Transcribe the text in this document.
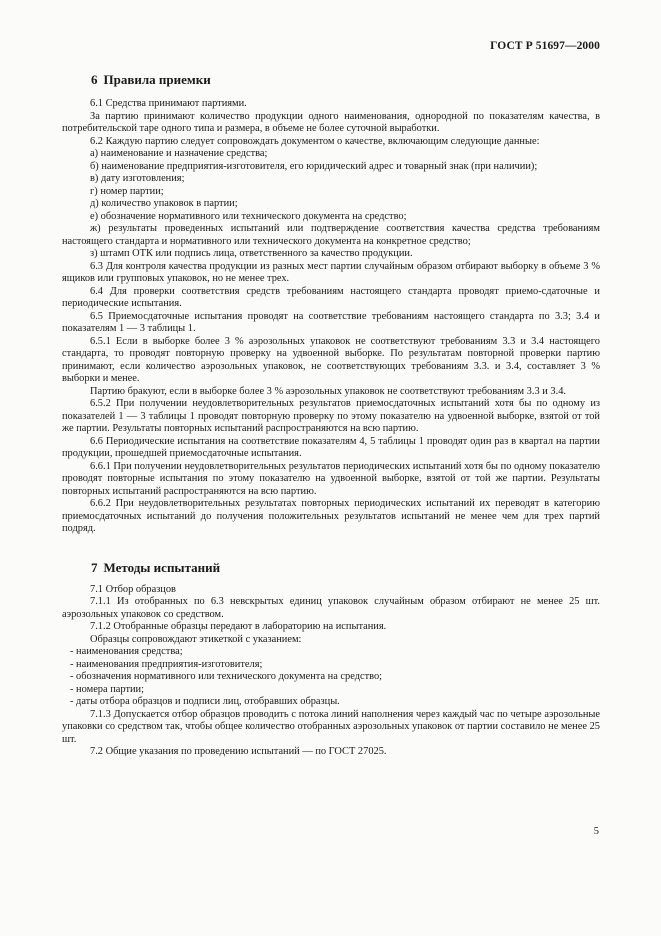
ГОСТ Р 51697—2000
6 Правила приемки

6.1 Средства принимают партиями.

За партию принимают количество продукции одного наименования, однородной по показателям качества, в потребительской таре одного типа и размера, в объеме не более суточной выработки.

6.2 Каждую партию следует сопровождать документом о качестве, включающим следующие данные:

а) наименование и назначение средства;

б) наименование предприятия-изготовителя, его юридический адрес и товарный знак (при наличии);

в) дату изготовления;

г) номер партии;

д) количество упаковок в партии;

е) обозначение нормативного или технического документа на средство;

ж) результаты проведенных испытаний или подтверждение соответствия качества средства требованиям настоящего стандарта и нормативного или технического документа на конкретное средство;

з) штамп ОТК или подпись лица, ответственного за качество продукции.

6.3 Для контроля качества продукции из разных мест партии случайным образом отбирают выборку в объеме 3 % ящиков или групповых упаковок, но не менее трех.

6.4 Для проверки соответствия средств требованиям настоящего стандарта проводят приемо-сдаточные и периодические испытания.

6.5 Приемосдаточные испытания проводят на соответствие требованиям настоящего стандарта по 3.3; 3.4 и показателям 1 — 3 таблицы 1.

6.5.1 Если в выборке более 3 % аэрозольных упаковок не соответствуют требованиям 3.3 и 3.4 настоящего стандарта, то проводят повторную проверку на удвоенной выборке. По результатам повторной проверки партию принимают, если количество аэрозольных упаковок, не соответствующих требованиям 3.3. и 3.4, составляет 3 % выборки и менее.

Партию бракуют, если в выборке более 3 % аэрозольных упаковок не соответствуют требованиям 3.3 и 3.4.

6.5.2 При получении неудовлетворительных результатов приемосдаточных испытаний хотя бы по одному из показателей 1 — 3 таблицы 1 проводят повторную проверку по этому показателю на удвоенной выборке, взятой от той же партии. Результаты повторных испытаний распространяются на всю партию.

6.6 Периодические испытания на соответствие показателям 4, 5 таблицы 1 проводят один раз в квартал на партии продукции, прошедшей приемосдаточные испытания.

6.6.1 При получении неудовлетворительных результатов периодических испытаний хотя бы по одному показателю проводят повторные испытания по этому показателю на удвоенной выборке, взятой от той же партии. Результаты повторных испытаний распространяются на всю партию.

6.6.2 При неудовлетворительных результатах повторных периодических испытаний их переводят в категорию приемосдаточных испытаний до получения положительных результатов испытаний не менее чем для трех партий подряд.

7 Методы испытаний

7.1 Отбор образцов

7.1.1 Из отобранных по 6.3 невскрытых единиц упаковок случайным образом отбирают не менее 25 шт. аэрозольных упаковок со средством.

7.1.2 Отобранные образцы передают в лабораторию на испытания.

Образцы сопровождают этикеткой с указанием:

- наименования средства;

- наименования предприятия-изготовителя;

- обозначения нормативного или технического документа на средство;

- номера партии;

- даты отбора образцов и подписи лиц, отобравших образцы.

7.1.3 Допускается отбор образцов проводить с потока линий наполнения через каждый час по четыре аэрозольные упаковки со средством так, чтобы общее количество отобранных аэрозольных упаковок от партии составило не менее 25 шт.

7.2 Общие указания по проведению испытаний — по ГОСТ 27025.

5
